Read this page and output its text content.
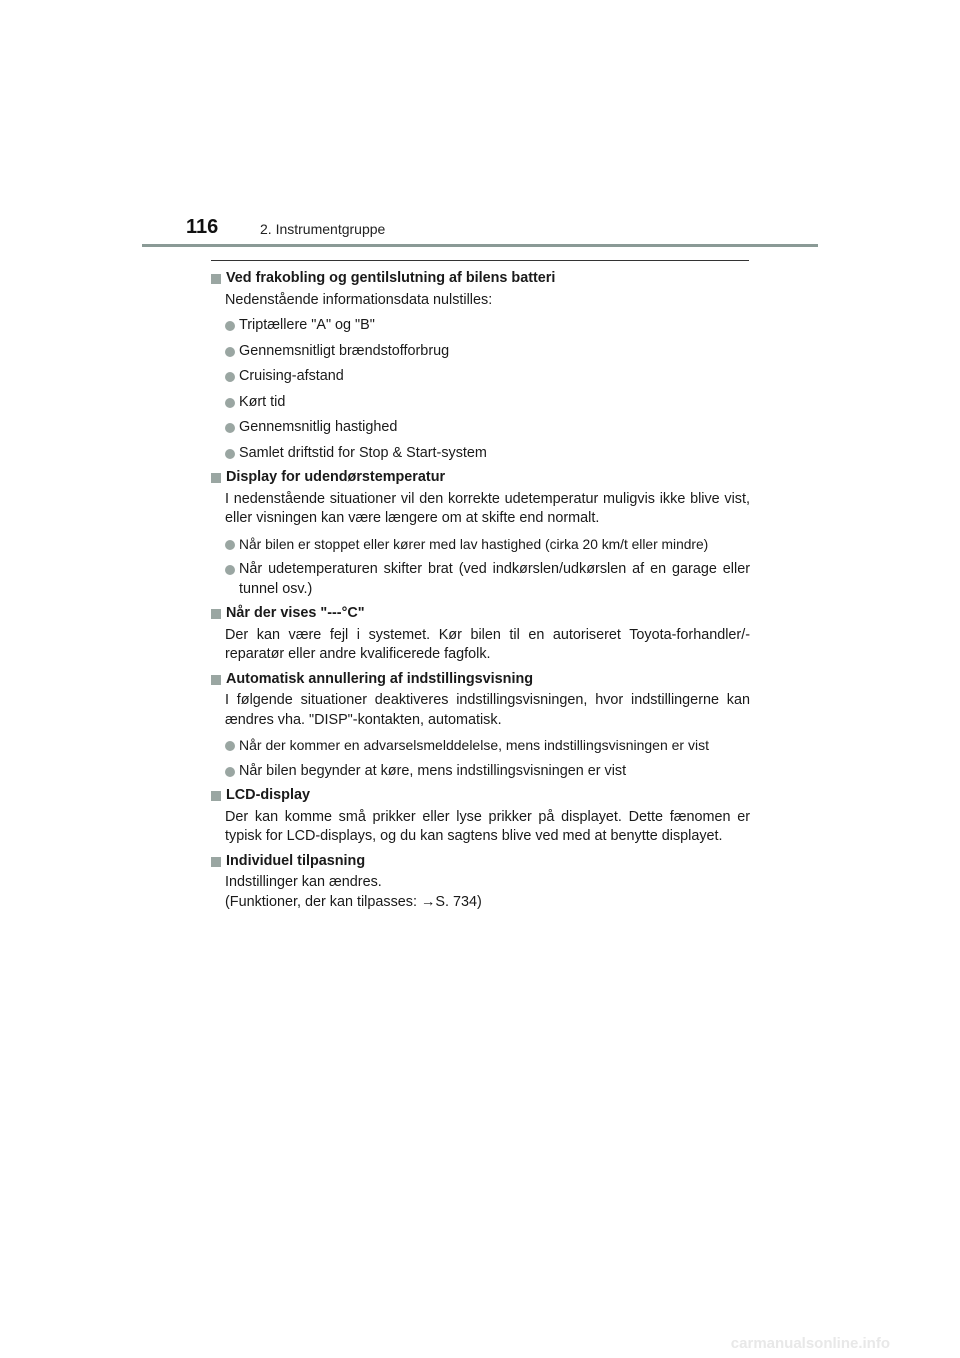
116	2. Instrumentgruppe
Ved frakobling og gentilslutning af bilens batteri
Nedenstående informationsdata nulstilles:
Triptællere "A" og "B"
Gennemsnitligt brændstofforbrug
Cruising-afstand
Kørt tid
Gennemsnitlig hastighed
Samlet driftstid for Stop & Start-system
Display for udendørstemperatur
I nedenstående situationer vil den korrekte udetemperatur muligvis ikke blive vist, eller visningen kan være længere om at skifte end normalt.
Når bilen er stoppet eller kører med lav hastighed (cirka 20 km/t eller mindre)
Når udetemperaturen skifter brat (ved indkørslen/udkørslen af en garage eller tunnel osv.)
Når der vises "---°C"
Der kan være fejl i systemet. Kør bilen til en autoriseret Toyota-forhandler/-reparatør eller andre kvalificerede fagfolk.
Automatisk annullering af indstillingsvisning
I følgende situationer deaktiveres indstillingsvisningen, hvor indstillingerne kan ændres vha. "DISP"-kontakten, automatisk.
Når der kommer en advarselsmelddelelse, mens indstillingsvisningen er vist
Når bilen begynder at køre, mens indstillingsvisningen er vist
LCD-display
Der kan komme små prikker eller lyse prikker på displayet. Dette fænomen er typisk for LCD-displays, og du kan sagtens blive ved med at benytte displayet.
Individuel tilpasning
Indstillinger kan ændres.
(Funktioner, der kan tilpasses: →S. 734)
carmanualsonline.info
